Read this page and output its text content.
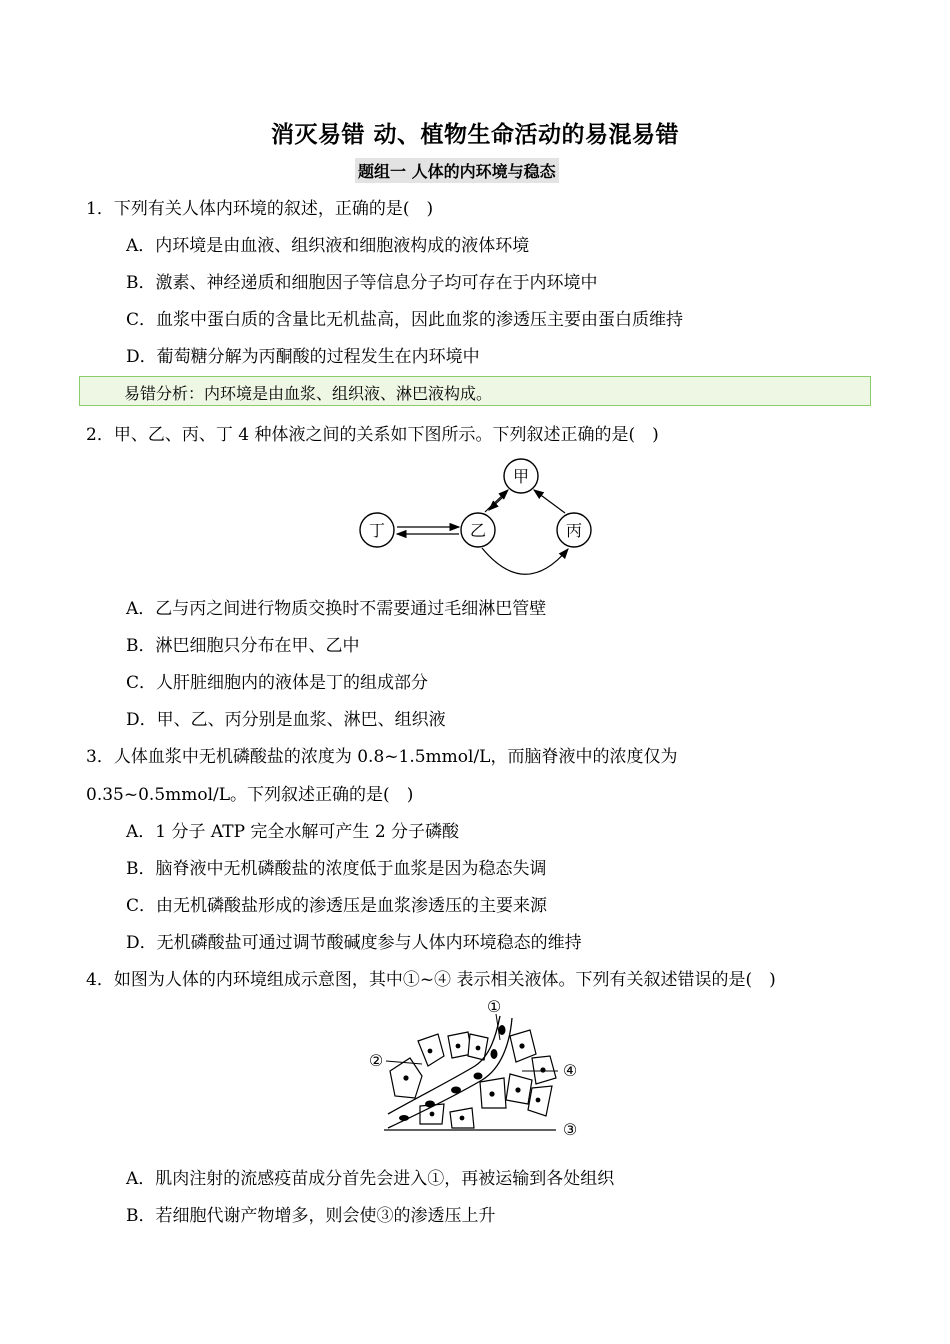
消灭易错 动、植物生命活动的易混易错
题组一 人体的内环境与稳态
1．下列有关人体内环境的叙述，正确的是(　)
A．内环境是由血液、组织液和细胞液构成的液体环境
B．激素、神经递质和细胞因子等信息分子均可存在于内环境中
C．血浆中蛋白质的含量比无机盐高，因此血浆的渗透压主要由蛋白质维持
D．葡萄糖分解为丙酮酸的过程发生在内环境中
易错分析：内环境是由血浆、组织液、淋巴液构成。
2．甲、乙、丙、丁 4 种体液之间的关系如下图所示。下列叙述正确的是(　)
甲
乙	丙
丁
A．乙与丙之间进行物质交换时不需要通过毛细淋巴管壁
B．淋巴细胞只分布在甲、乙中
C．人肝脏细胞内的液体是丁的组成部分
D．甲、乙、丙分别是血浆、淋巴、组织液
3．人体血浆中无机磷酸盐的浓度为 0.8~1.5mmol/L，而脑脊液中的浓度仅为
0.35~0.5mmol/L。下列叙述正确的是(　)
A．1 分子 ATP 完全水解可产生 2 分子磷酸
B．脑脊液中无机磷酸盐的浓度低于血浆是因为稳态失调
C．由无机磷酸盐形成的渗透压是血浆渗透压的主要来源
D．无机磷酸盐可通过调节酸碱度参与人体内环境稳态的维持
4．如图为人体的内环境组成示意图，其中①~④ 表示相关液体。下列有关叙述错误的是(　)
①
②
③
④
A．肌肉注射的流感疫苗成分首先会进入①，再被运输到各处组织
B．若细胞代谢产物增多，则会使③的渗透压上升
